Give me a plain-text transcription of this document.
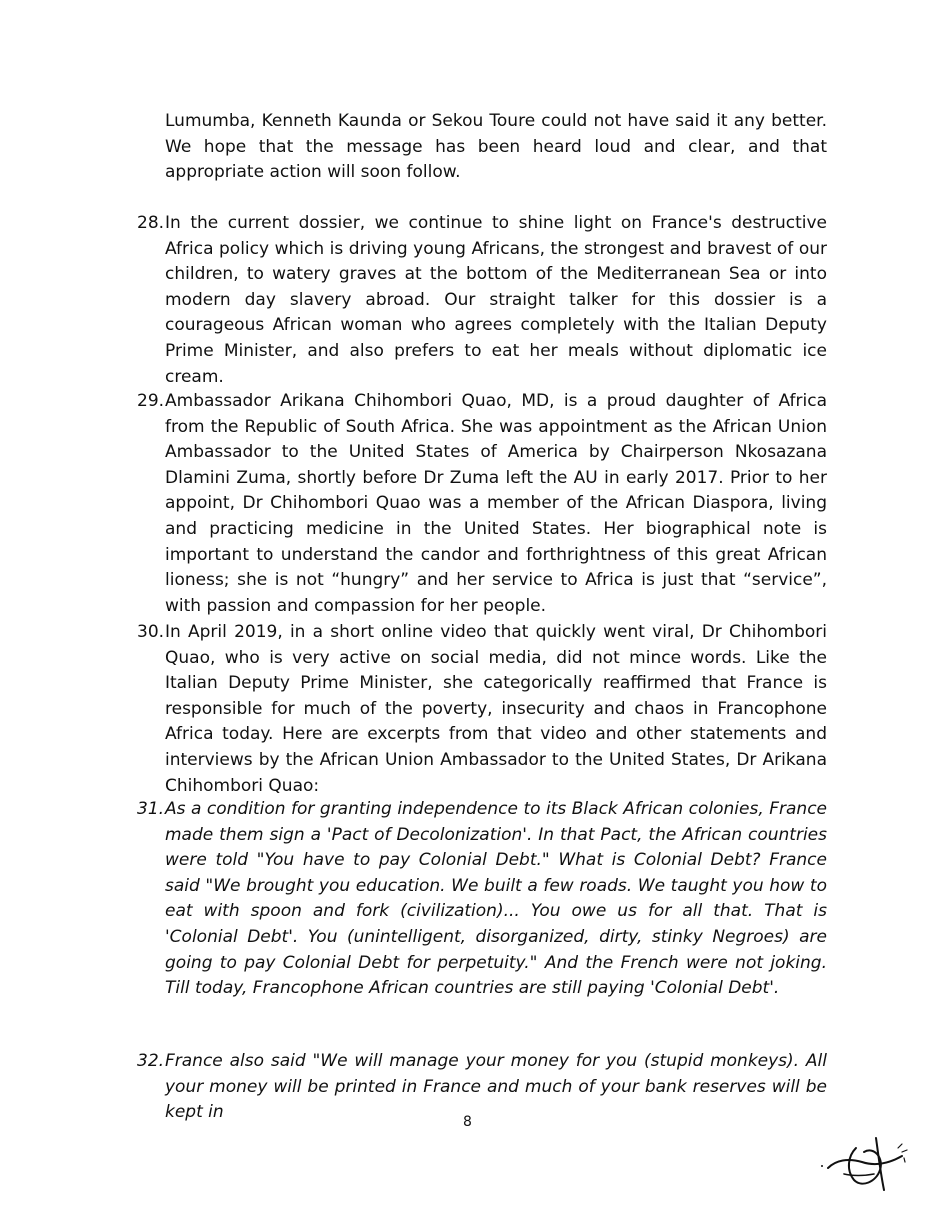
Lumumba, Kenneth Kaunda or Sekou Toure could not have said it any better. We hope that the message has been heard loud and clear, and that appropriate action will soon follow.
28. In the current dossier, we continue to shine light on France's destructive Africa policy which is driving young Africans, the strongest and bravest of our children, to watery graves at the bottom of the Mediterranean Sea or into modern day slavery abroad. Our straight talker for this dossier is a courageous African woman who agrees completely with the Italian Deputy Prime Minister, and also prefers to eat her meals without diplomatic ice cream.
29. Ambassador Arikana Chihombori Quao, MD, is a proud daughter of Africa from the Republic of South Africa. She was appointment as the African Union Ambassador to the United States of America by Chairperson Nkosazana Dlamini Zuma, shortly before Dr Zuma left the AU in early 2017. Prior to her appoint, Dr Chihombori Quao was a member of the African Diaspora, living and practicing medicine in the United States. Her biographical note is important to understand the candor and forthrightness of this great African lioness; she is not “hungry” and her service to Africa is just that “service”, with passion and compassion for her people.
30. In April 2019, in a short online video that quickly went viral, Dr Chihombori Quao, who is very active on social media, did not mince words. Like the Italian Deputy Prime Minister, she categorically reaffirmed that France is responsible for much of the poverty, insecurity and chaos in Francophone Africa today. Here are excerpts from that video and other statements and interviews by the African Union Ambassador to the United States, Dr Arikana Chihombori Quao:
31. As a condition for granting independence to its Black African colonies, France made them sign a 'Pact of Decolonization'. In that Pact, the African countries were told "You have to pay Colonial Debt." What is Colonial Debt? France said "We brought you education. We built a few roads. We taught you how to eat with spoon and fork (civilization)... You owe us for all that. That is 'Colonial Debt'. You (unintelligent, disorganized, dirty, stinky Negroes) are going to pay Colonial Debt for perpetuity." And the French were not joking. Till today, Francophone African countries are still paying 'Colonial Debt'.
32. France also said "We will manage your money for you (stupid monkeys). All your money will be printed in France and much of your bank reserves will be kept in	8
